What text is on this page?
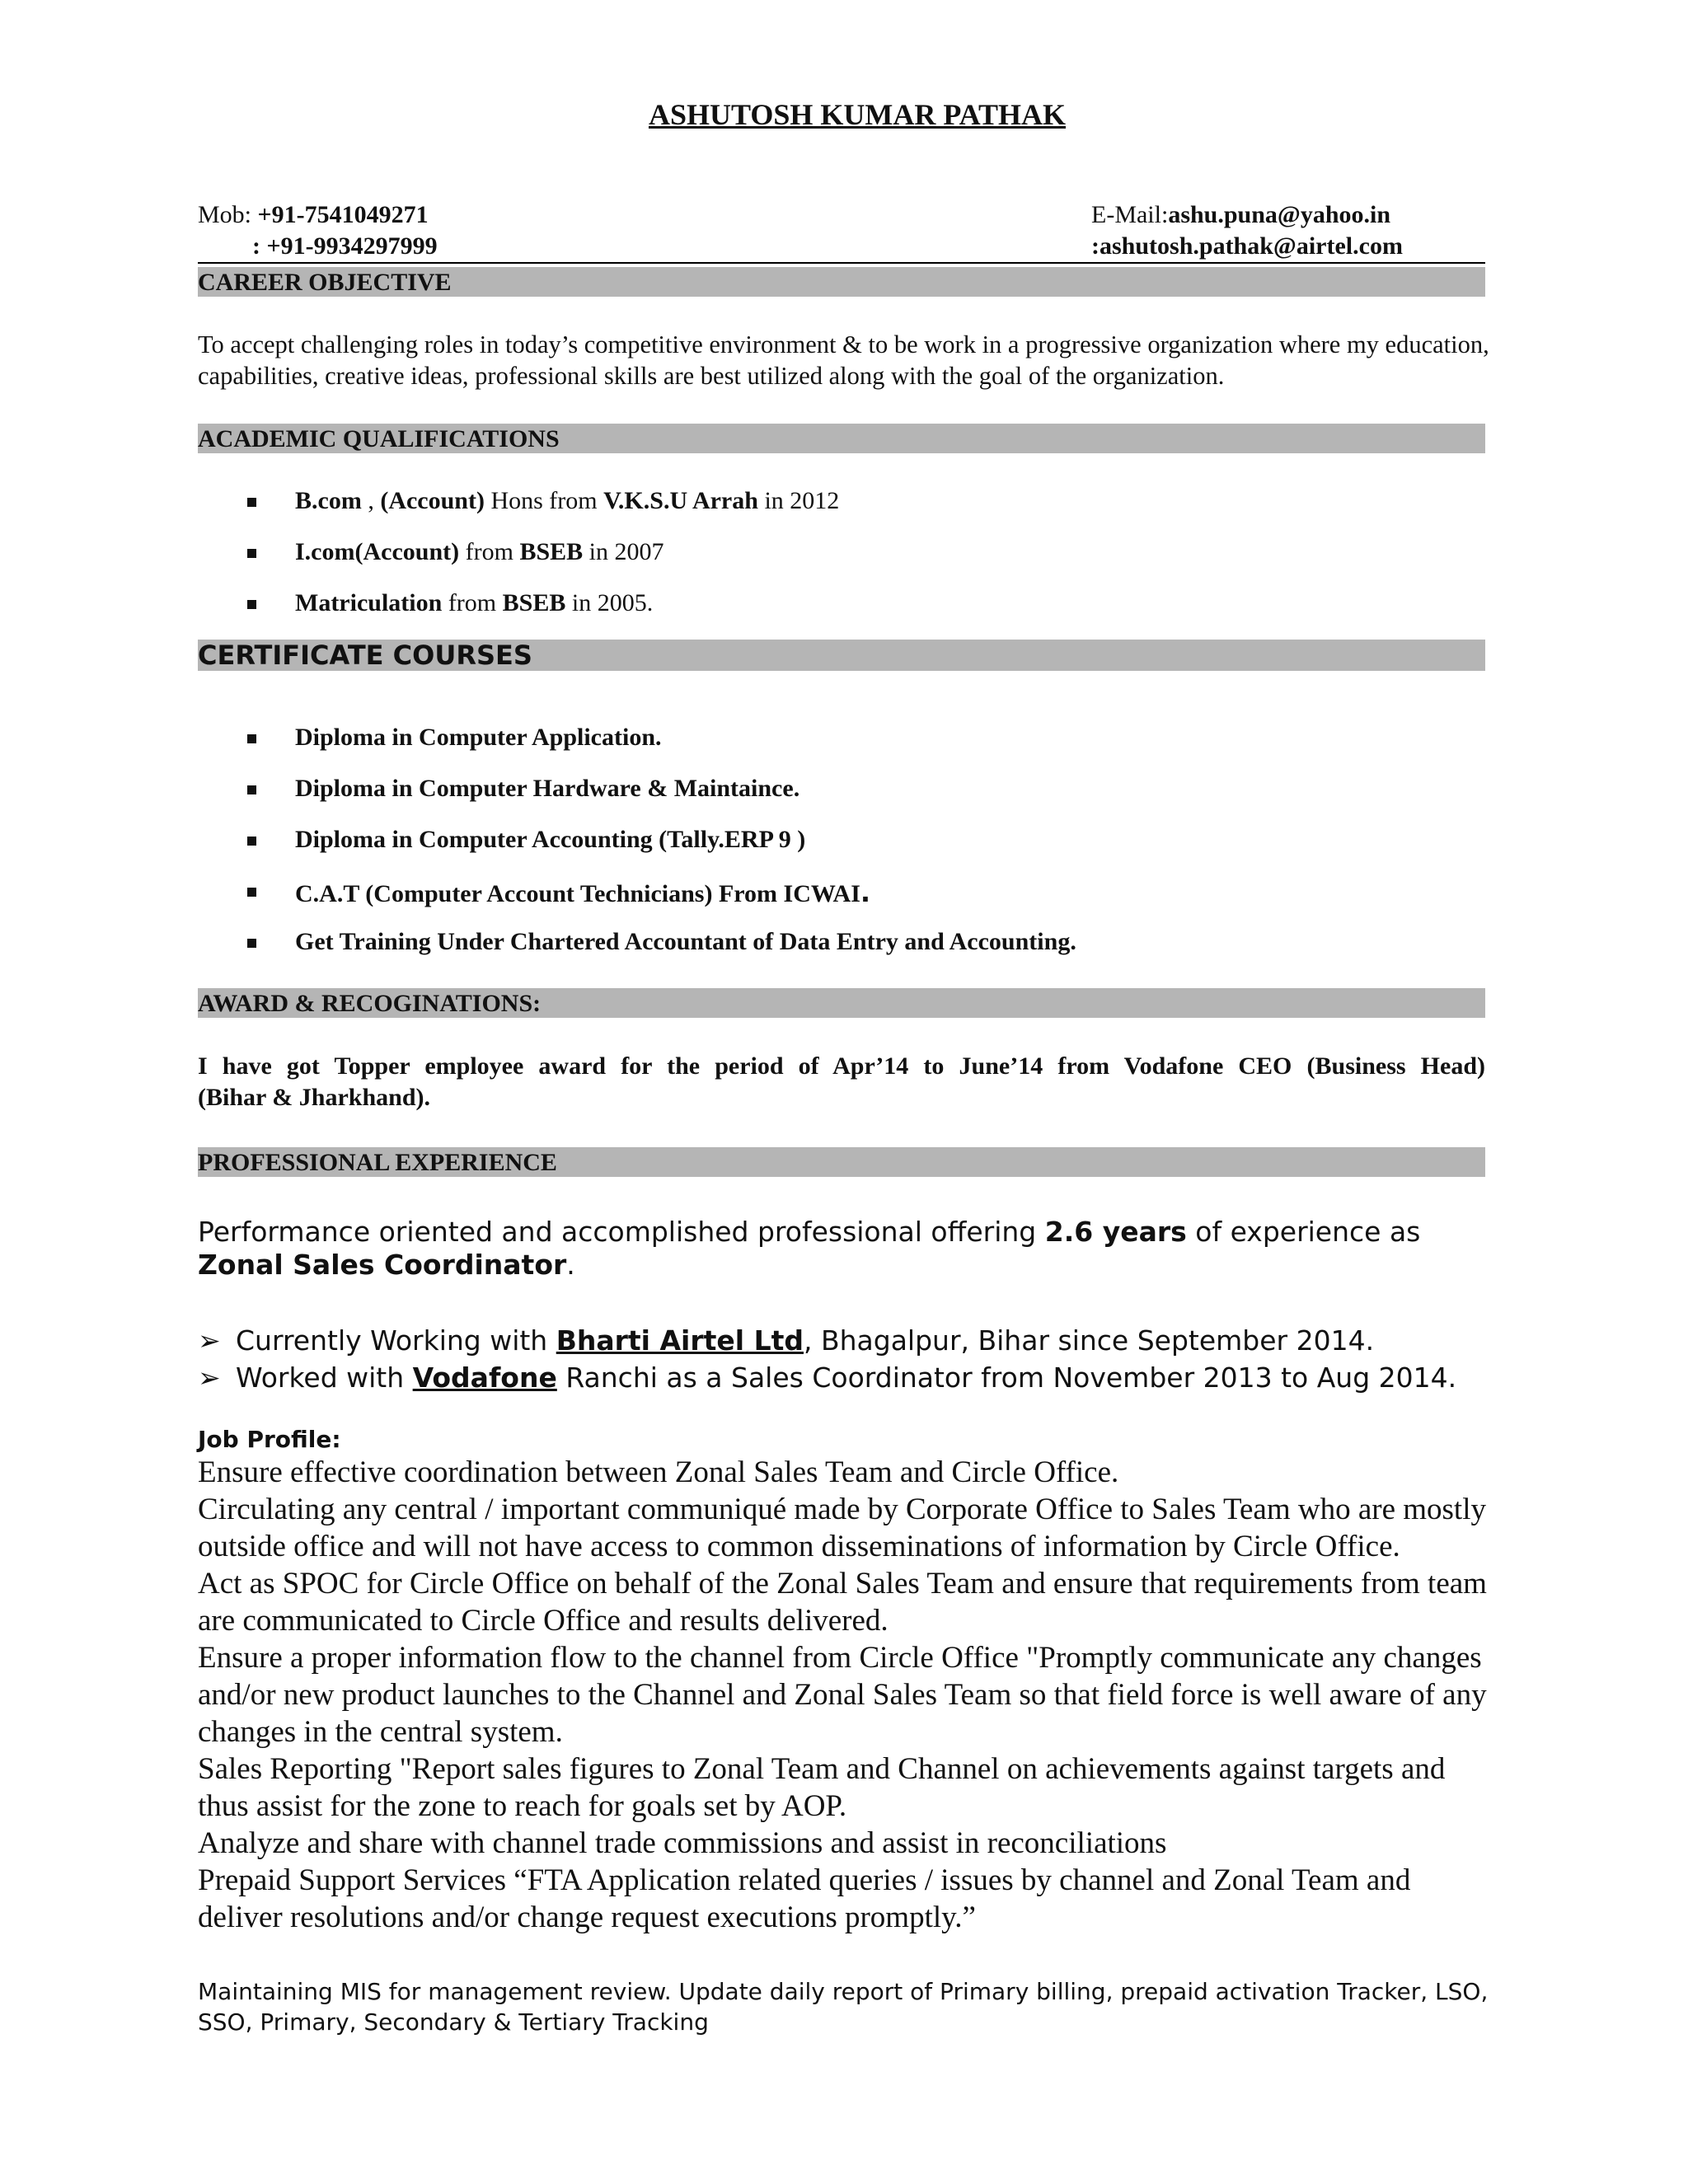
ASHUTOSH KUMAR PATHAK
Mob: +91-7541049271
: +91-9934297999
E-Mail:ashu.puna@yahoo.in
:ashutosh.pathak@airtel.com
CAREER OBJECTIVE
To accept challenging roles in today’s competitive environment & to be work in a progressive organization where my education, capabilities, creative ideas, professional skills are best utilized along with the goal of the organization.
ACADEMIC QUALIFICATIONS
B.com , (Account) Hons from V.K.S.U Arrah in 2012
I.com(Account) from BSEB in 2007
Matriculation from BSEB in 2005.
CERTIFICATE COURSES
Diploma in Computer Application.
Diploma in Computer Hardware & Maintaince.
Diploma in Computer Accounting (Tally.ERP 9 )
C.A.T (Computer Account Technicians) From ICWAI.
Get Training Under Chartered Accountant of Data Entry and Accounting.
AWARD & RECOGINATIONS:
I have got Topper employee award for the period of Apr’14 to June’14 from Vodafone CEO (Business Head)
(Bihar & Jharkhand).
PROFESSIONAL EXPERIENCE
Performance oriented and accomplished professional offering 2.6 years of experience as
Zonal Sales Coordinator.
➢ Currently Working with Bharti Airtel Ltd, Bhagalpur, Bihar since September 2014.
➢ Worked with Vodafone Ranchi as a Sales Coordinator from November 2013 to Aug 2014.
Job Profile:

Ensure effective coordination between Zonal Sales Team and Circle Office.

Circulating any central / important communiqué made by Corporate Office to Sales Team who are mostly outside office and will not have access to common disseminations of information by Circle Office.

Act as SPOC for Circle Office on behalf of the Zonal Sales Team and ensure that requirements from team are communicated to Circle Office and results delivered.

Ensure a proper information flow to the channel from Circle Office "Promptly communicate any changes and/or new product launches to the Channel and Zonal Sales Team so that field force is well aware of any changes in the central system.

Sales Reporting "Report sales figures to Zonal Team and Channel on achievements against targets and thus assist for the zone to reach for goals set by AOP.

Analyze and share with channel trade commissions and assist in reconciliations

Prepaid Support Services “FTA Application related queries / issues by channel and Zonal Team and deliver resolutions and/or change request executions promptly.”

Maintaining MIS for management review. Update daily report of Primary billing, prepaid activation Tracker, LSO, SSO, Primary, Secondary & Tertiary Tracking
